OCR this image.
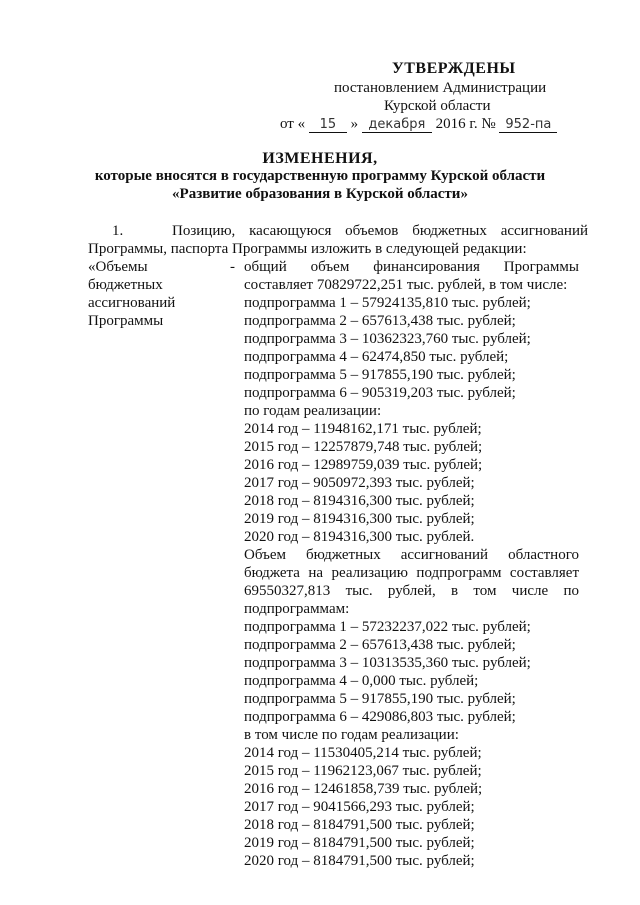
УТВЕРЖДЕНЫ
постановлением Администрации
Курской области
от « 15 » декабря 2016 г. № 952-па
ИЗМЕНЕНИЯ,
которые вносятся в государственную программу Курской области
«Развитие образования в Курской области»
1.	Позицию, касающуюся объемов бюджетных ассигнований
Программы, паспорта Программы изложить в следующей редакции:
«Объемы
бюджетных
ассигнований
Программы
- общий объем финансирования Программы
составляет 70829722,251 тыс. рублей, в том числе:
подпрограмма 1 – 57924135,810 тыс. рублей;
подпрограмма 2 – 657613,438 тыс. рублей;
подпрограмма 3 – 10362323,760 тыс. рублей;
подпрограмма 4 – 62474,850 тыс. рублей;
подпрограмма 5 – 917855,190 тыс. рублей;
подпрограмма 6 – 905319,203 тыс. рублей;
по годам реализации:
2014 год – 11948162,171 тыс. рублей;
2015 год – 12257879,748 тыс. рублей;
2016 год – 12989759,039 тыс. рублей;
2017 год – 9050972,393 тыс. рублей;
2018 год – 8194316,300 тыс. рублей;
2019 год – 8194316,300 тыс. рублей;
2020 год – 8194316,300 тыс. рублей.
Объем бюджетных ассигнований областного
бюджета на реализацию подпрограмм составляет
69550327,813 тыс. рублей, в том числе по
подпрограммам:
подпрограмма 1 – 57232237,022 тыс. рублей;
подпрограмма 2 – 657613,438 тыс. рублей;
подпрограмма 3 – 10313535,360 тыс. рублей;
подпрограмма 4 – 0,000 тыс. рублей;
подпрограмма 5 – 917855,190 тыс. рублей;
подпрограмма 6 – 429086,803 тыс. рублей;
в том числе по годам реализации:
2014 год – 11530405,214 тыс. рублей;
2015 год – 11962123,067 тыс. рублей;
2016 год – 12461858,739 тыс. рублей;
2017 год – 9041566,293 тыс. рублей;
2018 год – 8184791,500 тыс. рублей;
2019 год – 8184791,500 тыс. рублей;
2020 год – 8184791,500 тыс. рублей;
